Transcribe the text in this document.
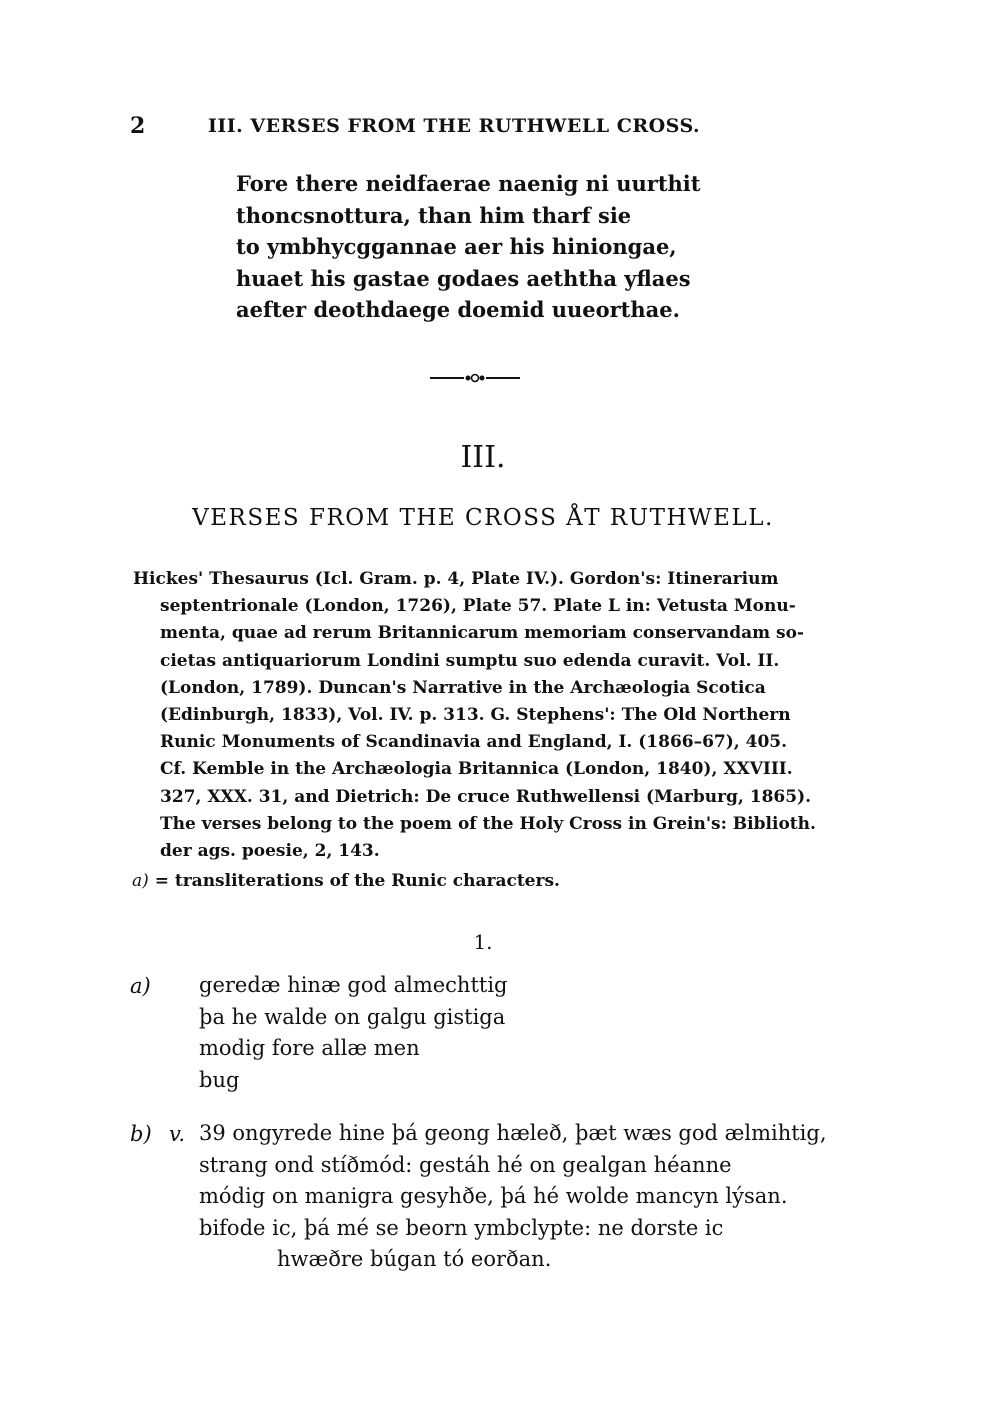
2	III. VERSES FROM THE RUTHWELL CROSS.
Fore there neidfaerae naenig ni uurthit
thoncsnottura, than him tharf sie
to ymbhycggannae aer his hiniongae,
huaet his gastae godaes aeththa yflaes
aefter deothdaege doemid uueorthae.
III.
VERSES FROM THE CROSS ÅT RUTHWELL.
Hickes' Thesaurus (Icl. Gram. p. 4, Plate IV.). Gordon's: Itinerarium
septentrionale (London, 1726), Plate 57. Plate L in: Vetusta Monu-
menta, quae ad rerum Britannicarum memoriam conservandam so-
cietas antiquariorum Londini sumptu suo edenda curavit. Vol. II.
(London, 1789). Duncan's Narrative in the Archæologia Scotica
(Edinburgh, 1833), Vol. IV. p. 313. G. Stephens': The Old Northern
Runic Monuments of Scandinavia and England, I. (1866–67), 405.
Cf. Kemble in the Archæologia Britannica (London, 1840), XXVIII.
327, XXX. 31, and Dietrich: De cruce Ruthwellensi (Marburg, 1865).
The verses belong to the poem of the Holy Cross in Grein's: Biblioth.
der ags. poesie, 2, 143.
a) = transliterations of the Runic characters.
1.
a) geredæ hinæ god almechttig
þa he walde on galgu gistiga
modig fore allæ men
bug
b) v. 39 ongyrede hine þá geong hæleð, þæt wæs god ælmihtig,
strang ond stíðmód: gestáh hé on gealgan héanne
módig on manigra gesyhðe, þá hé wolde mancyn lýsan.
bifode ic, þá mé se beorn ymbclypte: ne dorste ic
hwæðre búgan tó eorðan.
